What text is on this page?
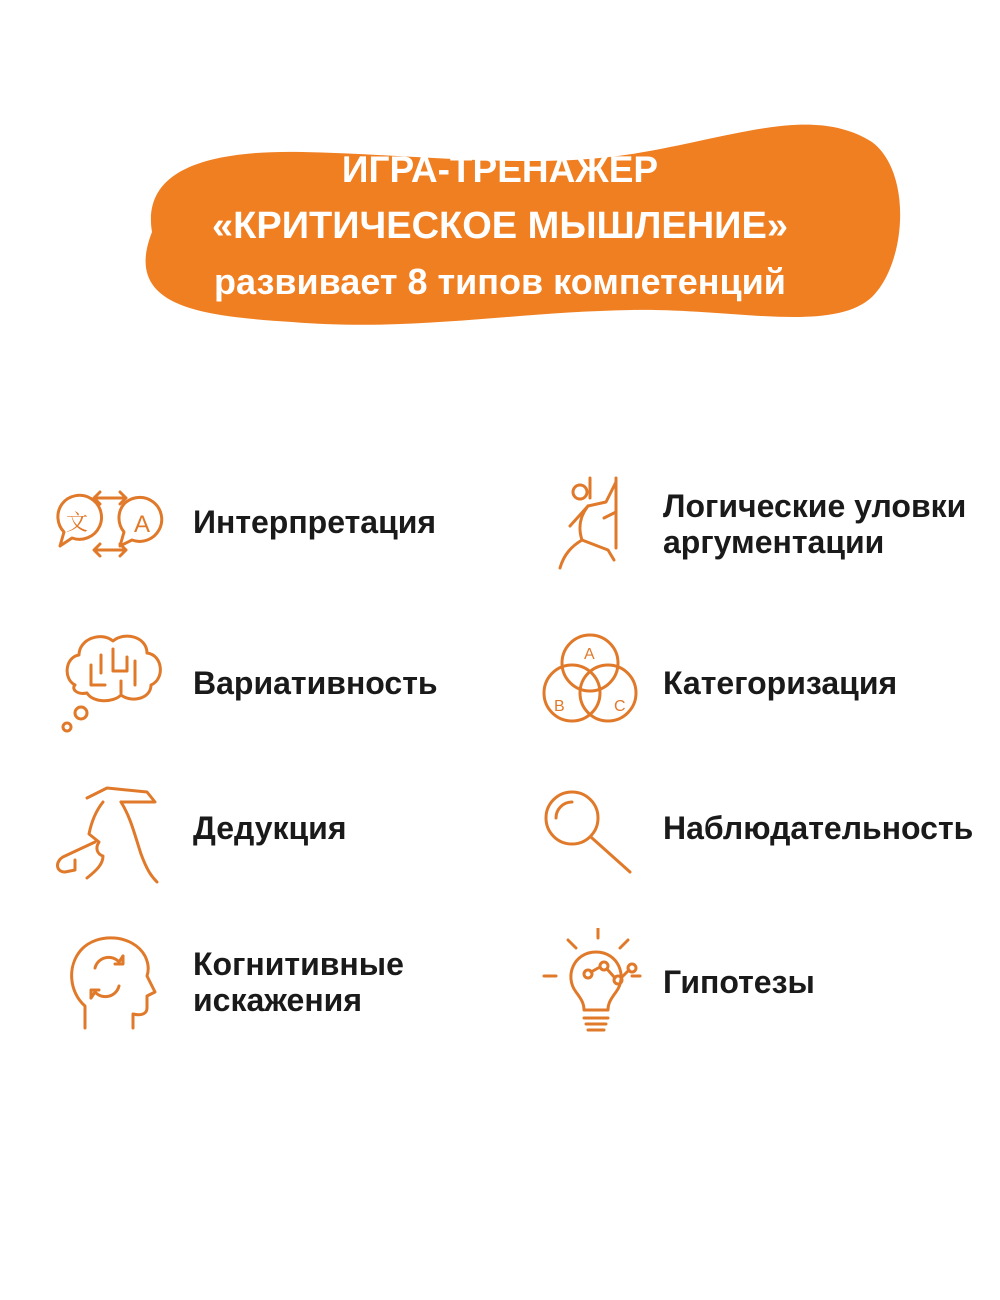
ИГРА-ТРЕНАЖЕР
«КРИТИЧЕСКОЕ МЫШЛЕНИЕ»
развивает 8 типов компетенций
文 A Интерпретация	Логические уловки
аргументации
Вариативность
A
B	C
Категоризация
Дедукция	Наблюдательность
Когнитивные
искажения	Гипотезы
